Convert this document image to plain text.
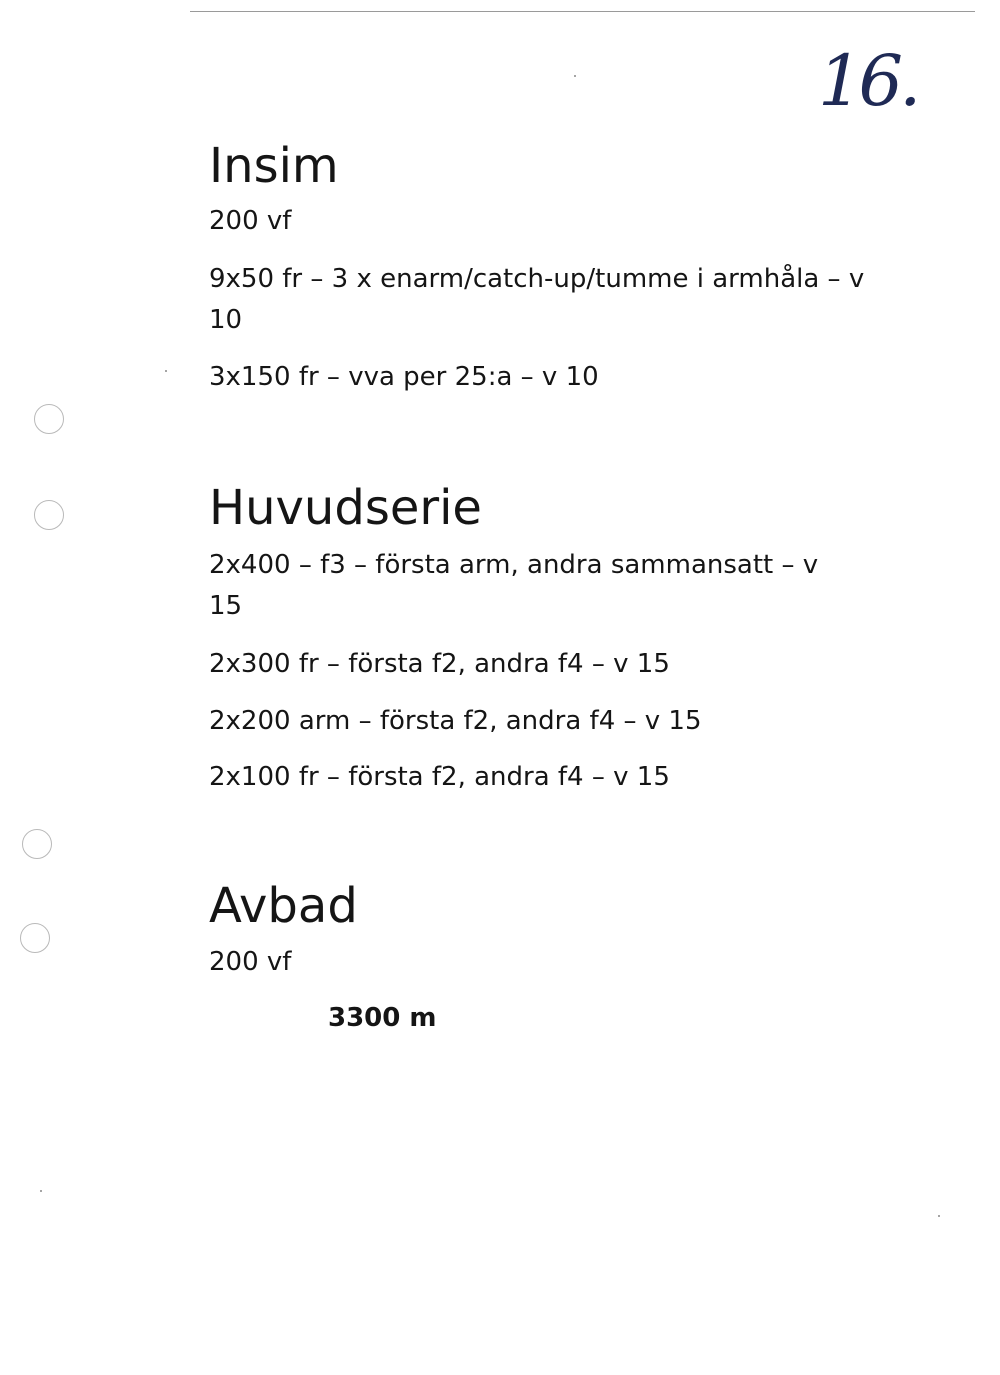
16.
Insim

200 vf

9x50 fr – 3 x enarm/catch-up/tumme i armhåla – v 10

3x150 fr – vva per 25:a – v 10

Huvudserie

2x400 – f3 – första arm, andra sammansatt – v 15

2x300 fr – första f2, andra f4 – v 15

2x200 arm – första f2, andra f4 – v 15

2x100 fr – första f2, andra f4 – v 15

Avbad

200 vf

3300 m
